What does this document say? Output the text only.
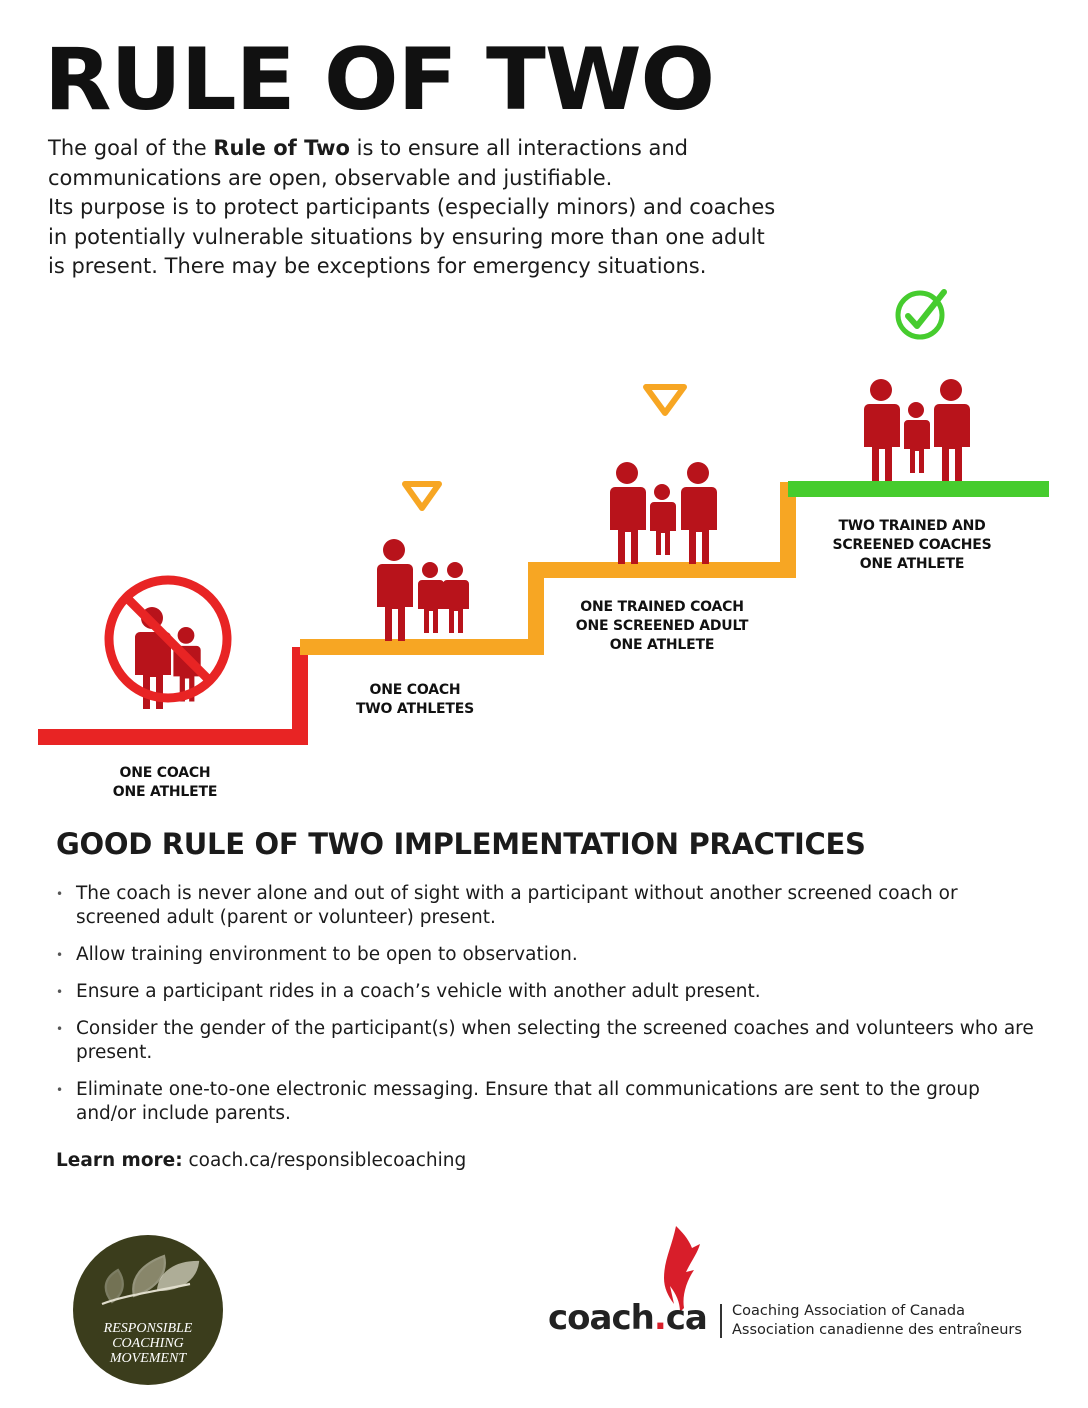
RULE OF TWO

The goal of the Rule of Two is to ensure all interactions and

communications are open, observable and justifiable.

Its purpose is to protect participants (especially minors) and coaches

in potentially vulnerable situations by ensuring more than one adult

is present. There may be exceptions for emergency situations.

ONE COACH
ONE ATHLETE
ONE COACH
TWO ATHLETES
ONE TRAINED COACH
ONE SCREENED ADULT
ONE ATHLETE
TWO TRAINED AND
SCREENED COACHES
ONE ATHLETE
GOOD RULE OF TWO IMPLEMENTATION PRACTICES
• The coach is never alone and out of sight with a participant without another screened coach or screened adult (parent or volunteer) present.
• Allow training environment to be open to observation.
• Ensure a participant rides in a coach’s vehicle with another adult present.
• Consider the gender of the participant(s) when selecting the screened coaches and volunteers who are present.
• Eliminate one-to-one electronic messaging. Ensure that all communications are sent to the group and/or include parents.
Learn more: coach.ca/responsiblecoaching
RESPONSIBLE
COACHING
MOVEMENT
coach.ca Coaching Association of Canada
Association canadienne des entraîneurs
